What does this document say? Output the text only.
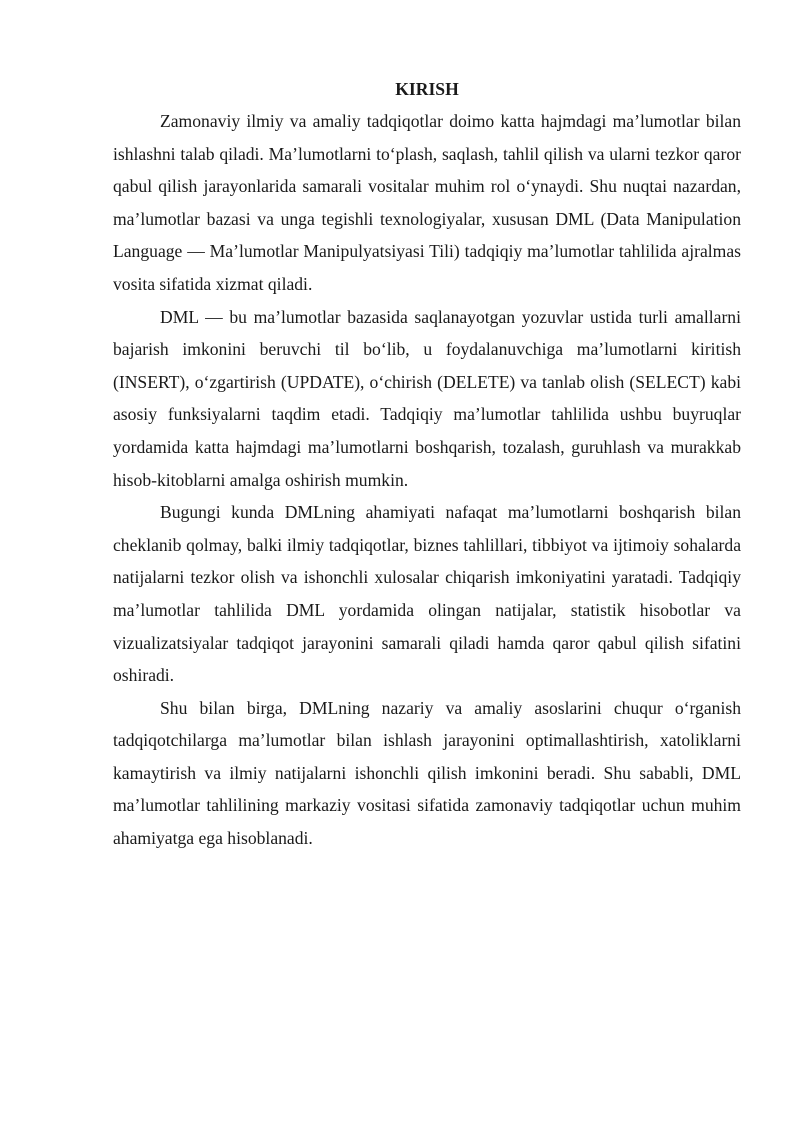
KIRISH

Zamonaviy ilmiy va amaliy tadqiqotlar doimo katta hajmdagi ma’lumotlar bilan ishlashni talab qiladi. Ma’lumotlarni to‘plash, saqlash, tahlil qilish va ularni tezkor qaror qabul qilish jarayonlarida samarali vositalar muhim rol o‘ynaydi. Shu nuqtai nazardan, ma’lumotlar bazasi va unga tegishli texnologiyalar, xususan DML (Data Manipulation Language — Ma’lumotlar Manipulyatsiyasi Tili) tadqiqiy ma’lumotlar tahlilida ajralmas vosita sifatida xizmat qiladi.

DML — bu ma’lumotlar bazasida saqlanayotgan yozuvlar ustida turli amallarni bajarish imkonini beruvchi til bo‘lib, u foydalanuvchiga ma’lumotlarni kiritish (INSERT), o‘zgartirish (UPDATE), o‘chirish (DELETE) va tanlab olish (SELECT) kabi asosiy funksiyalarni taqdim etadi. Tadqiqiy ma’lumotlar tahlilida ushbu buyruqlar yordamida katta hajmdagi ma’lumotlarni boshqarish, tozalash, guruhlash va murakkab hisob-kitoblarni amalga oshirish mumkin.

Bugungi kunda DMLning ahamiyati nafaqat ma’lumotlarni boshqarish bilan cheklanib qolmay, balki ilmiy tadqiqotlar, biznes tahlillari, tibbiyot va ijtimoiy sohalarda natijalarni tezkor olish va ishonchli xulosalar chiqarish imkoniyatini yaratadi. Tadqiqiy ma’lumotlar tahlilida DML yordamida olingan natijalar, statistik hisobotlar va vizualizatsiyalar tadqiqot jarayonini samarali qiladi hamda qaror qabul qilish sifatini oshiradi.

Shu bilan birga, DMLning nazariy va amaliy asoslarini chuqur o‘rganish tadqiqotchilarga ma’lumotlar bilan ishlash jarayonini optimallashtirish, xatoliklarni kamaytirish va ilmiy natijalarni ishonchli qilish imkonini beradi. Shu sababli, DML ma’lumotlar tahlilining markaziy vositasi sifatida zamonaviy tadqiqotlar uchun muhim ahamiyatga ega hisoblanadi.
